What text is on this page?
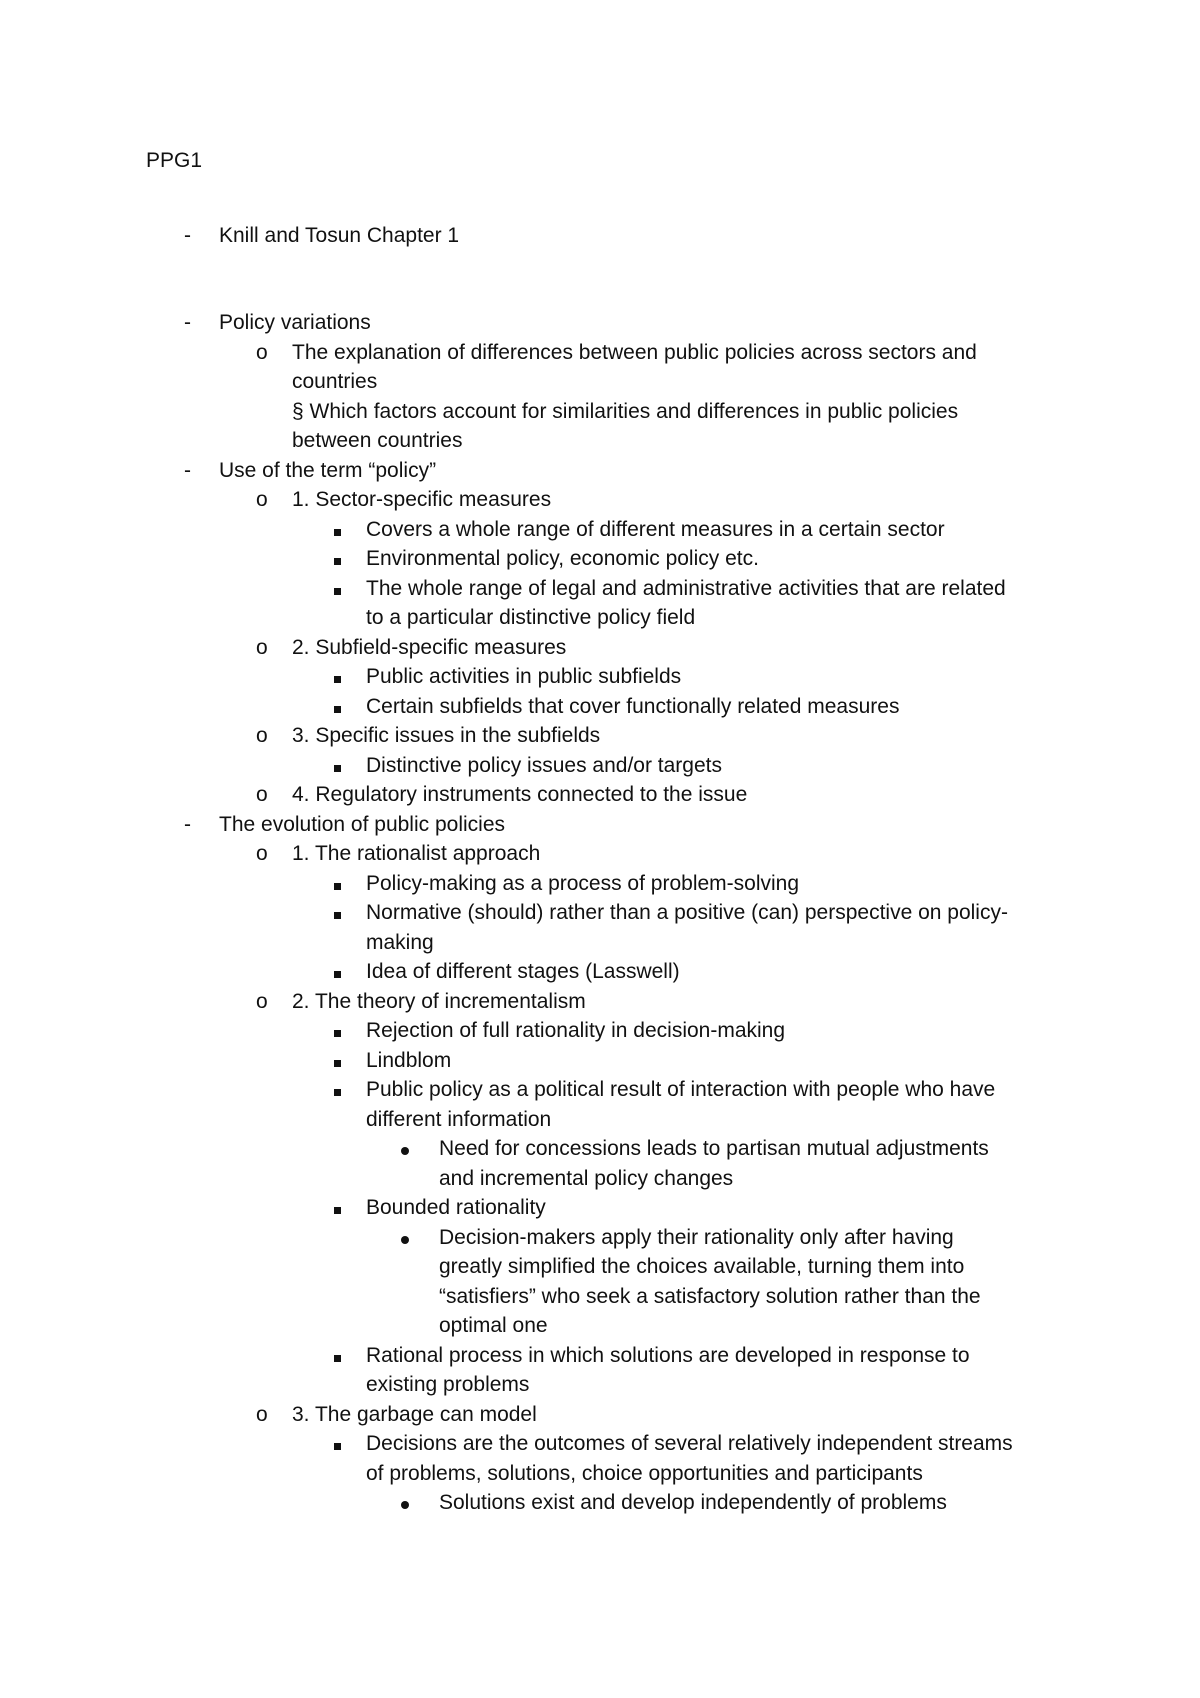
PPG1
Knill and Tosun Chapter 1
-
Policy variations
-
The explanation of differences between public policies across sectors and
o
countries
§ Which factors account for similarities and differences in public policies
between countries
Use of the term “policy”
-
1. Sector-specific measures
o
Covers a whole range of different measures in a certain sector
Environmental policy, economic policy etc.
The whole range of legal and administrative activities that are related
to a particular distinctive policy field
2. Subfield-specific measures
o
Public activities in public subfields
Certain subfields that cover functionally related measures
3. Specific issues in the subfields
o
Distinctive policy issues and/or targets
4. Regulatory instruments connected to the issue
o
The evolution of public policies
-
1. The rationalist approach
o
Policy-making as a process of problem-solving
Normative (should) rather than a positive (can) perspective on policy-
making
Idea of different stages (Lasswell)
2. The theory of incrementalism
o
Rejection of full rationality in decision-making
Lindblom
Public policy as a political result of interaction with people who have
different information
Need for concessions leads to partisan mutual adjustments
and incremental policy changes
Bounded rationality
Decision-makers apply their rationality only after having
greatly simplified the choices available, turning them into
“satisfiers” who seek a satisfactory solution rather than the
optimal one
Rational process in which solutions are developed in response to
existing problems
3. The garbage can model
o
Decisions are the outcomes of several relatively independent streams
of problems, solutions, choice opportunities and participants
Solutions exist and develop independently of problems
